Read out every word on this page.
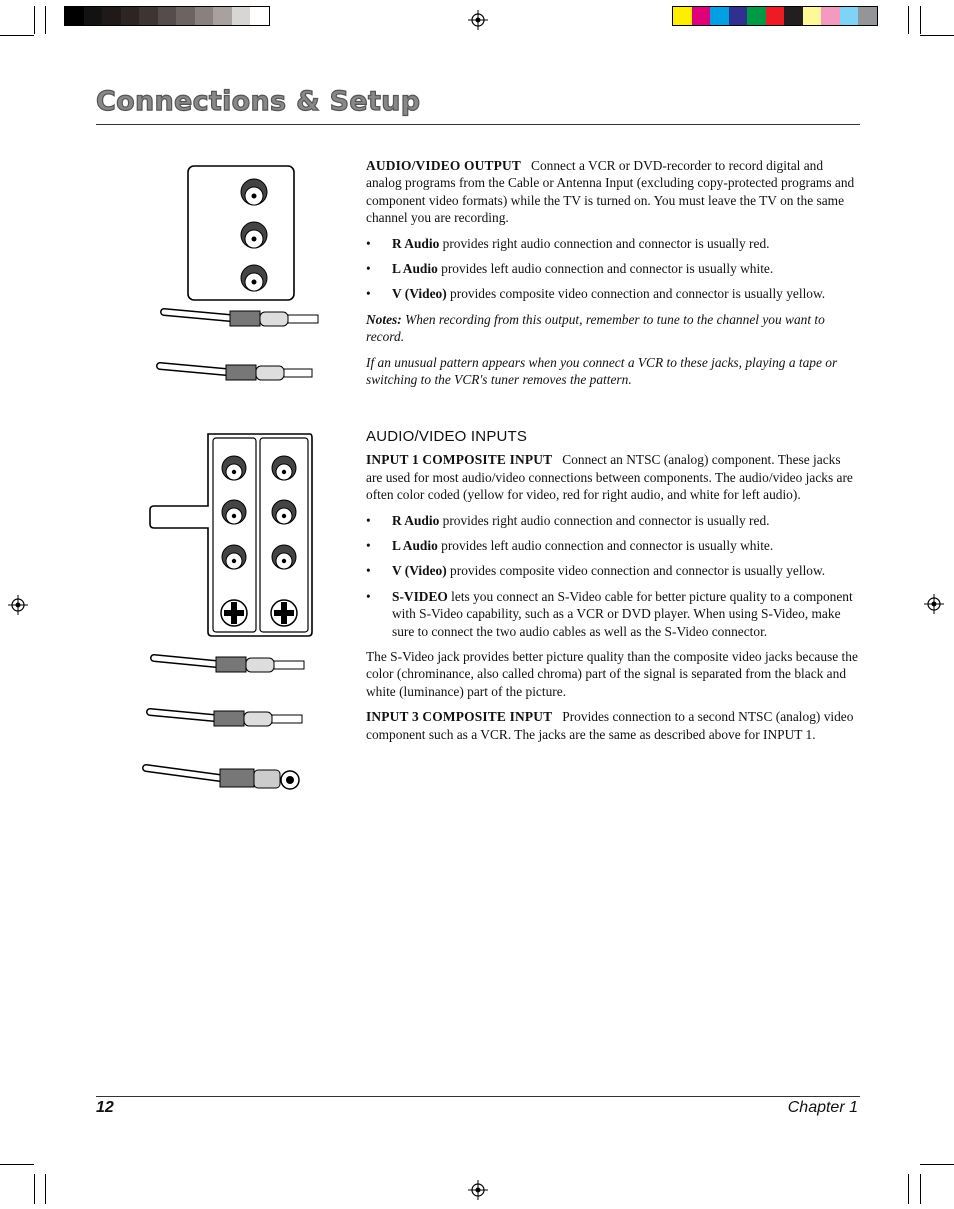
Connections & Setup

AUDIO/VIDEO OUTPUT Connect a VCR or DVD-recorder to record digital and analog programs from the Cable or Antenna Input (excluding copy-protected programs and component video formats) while the TV is turned on. You must leave the TV on the same channel you are recording.

• R Audio provides right audio connection and connector is usually red.
• L Audio provides left audio connection and connector is usually white.
• V (Video) provides composite video connection and connector is usually yellow.

Notes: When recording from this output, remember to tune to the channel you want to record.

If an unusual pattern appears when you connect a VCR to these jacks, playing a tape or switching to the VCR's tuner removes the pattern.

AUDIO/VIDEO INPUTS

INPUT 1 COMPOSITE INPUT Connect an NTSC (analog) component. These jacks are used for most audio/video connections between components. The audio/video jacks are often color coded (yellow for video, red for right audio, and white for left audio).

• R Audio provides right audio connection and connector is usually red.
• L Audio provides left audio connection and connector is usually white.
• V (Video) provides composite video connection and connector is usually yellow.
• S-VIDEO lets you connect an S-Video cable for better picture quality to a component with S-Video capability, such as a VCR or DVD player. When using S-Video, make sure to connect the two audio cables as well as the S-Video connector.

The S-Video jack provides better picture quality than the composite video jacks because the color (chrominance, also called chroma) part of the signal is separated from the black and white (luminance) part of the picture.

INPUT 3 COMPOSITE INPUT Provides connection to a second NTSC (analog) video component such as a VCR. The jacks are the same as described above for INPUT 1.

12	Chapter 1
